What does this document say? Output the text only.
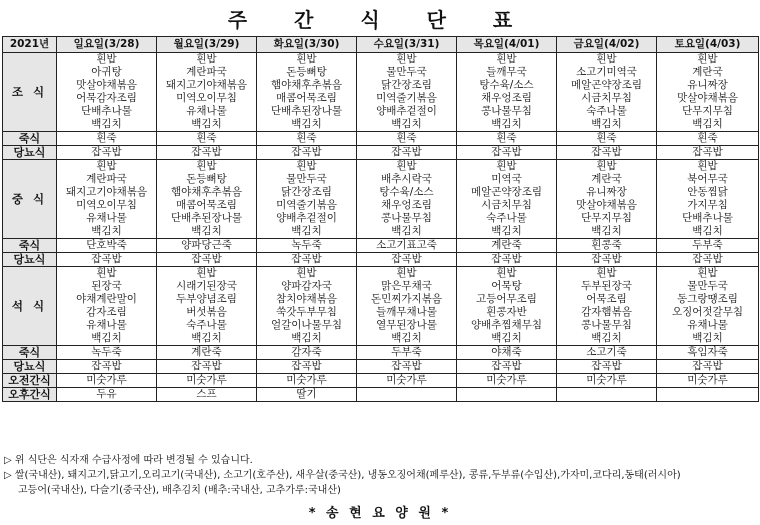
주 간 식 단 표
2021년	일요일(3/28)	월요일(3/29)	화요일(3/30)	수요일(3/31)	목요일(4/01)	금요일(4/02)	토요일(4/03)
조 식	흰밥	흰밥	흰밥	흰밥	흰밥	흰밥	흰밥
	아귀탕	계란파국	돈등뼈탕	물만두국	들깨무국	소고기미역국	계란국
	맛살야채볶음	돼지고기야채볶음	햄야채후추볶음	닭간장조림	탕수육/소스	메알곤약장조림	유니짜장
	어묵감자조림	미역오이무침	매콤어묵조림	미역줄기볶음	채우엉조림	시금치무침	맛살야채볶음
	단배추나물	유채나물	단배추된장나물	양배추겉절이	콩나물무침	숙주나물	단무지무침
	백김치	백김치	백김치	백김치	백김치	백김치	백김치
죽식	흰죽	흰죽	흰죽	흰죽	흰죽	흰죽	흰죽
당뇨식	잡곡밥	잡곡밥	잡곡밥	잡곡밥	잡곡밥	잡곡밥	잡곡밥
중 식	흰밥	흰밥	흰밥	흰밥	흰밥	흰밥	흰밥
	계란파국	돈등뼈탕	물만두국	배추시락국	미역국	계란국	북어무국
	돼지고기야채볶음	햄야채후추볶음	닭간장조림	탕수육/소스	메알곤약장조림	유니짜장	안동찜닭
	미역오이무침	매콤어묵조림	미역줄기볶음	채우엉조림	시금치무침	맛살야채볶음	가지무침
	유채나물	단배추된장나물	양배추겉절이	콩나물무침	숙주나물	단무지무침	단배추나물
	백김치	백김치	백김치	백김치	백김치	백김치	백김치
죽식	단호박죽	양파당근죽	녹두죽	소고기표고죽	계란죽	흰콩죽	두부죽
당뇨식	잡곡밥	잡곡밥	잡곡밥	잡곡밥	잡곡밥	잡곡밥	잡곡밥
석 식	흰밥	흰밥	흰밥	흰밥	흰밥	흰밥	흰밥
	된장국	시래기된장국	양파감자국	맑은무채국	어묵탕	두부된장국	물만두국
	야채계란말이	두부양념조림	참치야채볶음	돈민찌가지볶음	고등어무조림	어묵조림	동그랑땡조림
	감자조림	버섯볶음	쑥갓두부무침	들깨무채나물	흰콩자반	감자햄볶음	오징어젓갈무침
	유채나물	숙주나물	얼갈이나물무침	열무된장나물	양배추찜채무침	콩나물무침	유채나물
	백김치	백김치	백김치	백김치	백김치	백김치	백김치
죽식	녹두죽	계란죽	감자죽	두부죽	야채죽	소고기죽	흑임자죽
당뇨식	잡곡밥	잡곡밥	잡곡밥	잡곡밥	잡곡밥	잡곡밥	잡곡밥
오전간식	미숫가루	미숫가루	미숫가루	미숫가루	미숫가루	미숫가루	미숫가루
오후간식	두유	스프	딸기				
▷ 위 식단은 식자재 수급사정에 따라 변경될 수 있습니다.
▷ 쌀(국내산), 돼지고기,닭고기,오리고기(국내산), 소고기(호주산), 새우살(중국산), 냉동오징어채(페루산), 콩류,두부류(수입산),가자미,코다리,동태(러시아)
고등어(국내산), 다슬기(중국산), 배추김치 (배추:국내산, 고추가루:국내산)
* 송 현 요 양 원 *
